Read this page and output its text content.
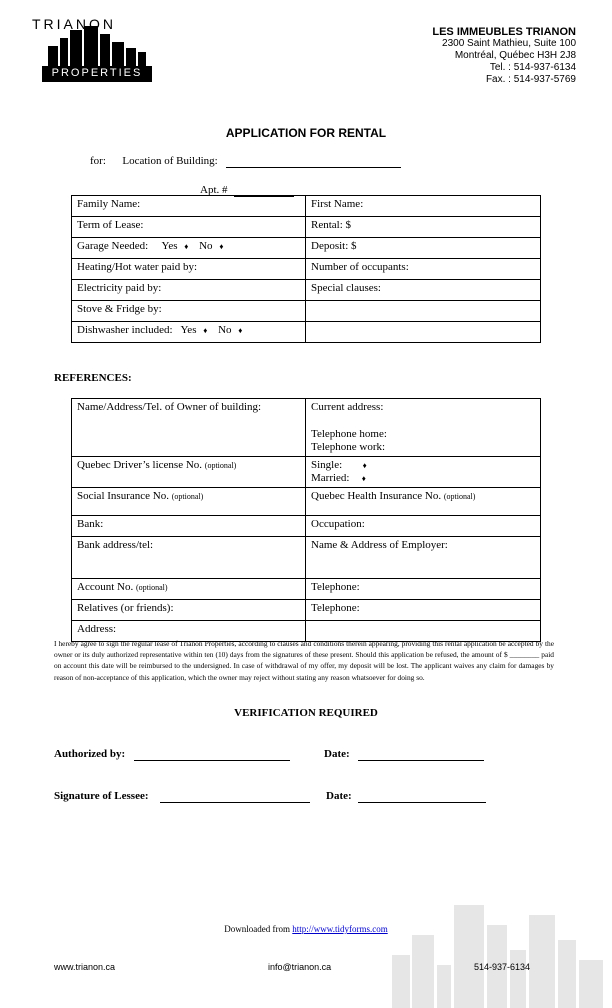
TRIANON
PROPERTIES
LES IMMEUBLES TRIANON
2300 Saint Mathieu, Suite 100
Montréal, Québec H3H 2J8
Tel. : 514-937-6134
Fax. : 514-937-5769
APPLICATION FOR RENTAL
for: Location of Building:
Apt. #
Family Name:	First Name:
Term of Lease:	Rental: $
Garage Needed: Yes ♦ No ♦	Deposit: $
Heating/Hot water paid by:	Number of occupants:
Electricity paid by:	Special clauses:
Stove & Fridge by:	
Dishwasher included: Yes ♦ No ♦	
REFERENCES:
Name/Address/Tel. of Owner of building:	Current address:
Telephone home:
Telephone work:

Quebec Driver’s license No. (optional)	Single: ♦
Married: ♦

Social Insurance No. (optional)	Quebec Health Insurance No. (optional)
Bank:	Occupation:
Bank address/tel:	Name & Address of Employer:
Account No. (optional)	Telephone:
Relatives (or friends):	Telephone:
Address:	
I hereby agree to sign the regular lease of Trianon Properties, according to clauses and conditions therein appearing, providing this rental application be accepted by the owner or its duly authorized representative within ten (10) days from the signatures of these present. Should this application be refused, the amount of $ ________ paid on account this date will be reimbursed to the undersigned. In case of withdrawal of my offer, my deposit will be lost. The applicant waives any claim for damages by reason of non-acceptance of this application, which the owner may reject without stating any reason whatsoever for doing so.
VERIFICATION REQUIRED
Authorized by:	Date:
Signature of Lessee:	Date:
Downloaded from http://www.tidyforms.com
www.trianon.ca	info@trianon.ca	514-937-6134
